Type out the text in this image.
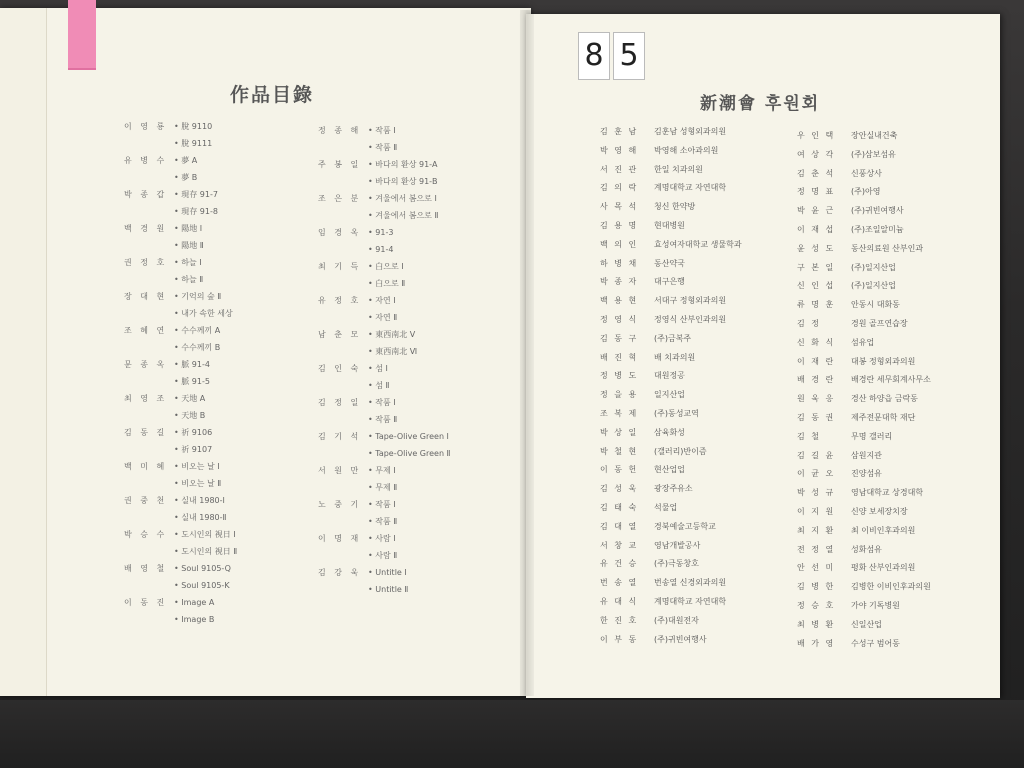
8 5
作品目錄	新潮會 후원회
이 영 룡	• 脫 9110
• 脫 9111
유 병 수	• 夢 A
• 夢 B
박 종 갑	• 現存 91-7
• 現存 91-8
백 경 원	• 陽地 Ⅰ
• 陽地 Ⅱ
권 정 호	• 하늘 Ⅰ
• 하늘 Ⅱ
장 대 현	• 기억의 숲 Ⅱ
• 내가 속한 세상
조 혜 연	• 수수께끼 A
• 수수께끼 B
문 종 옥	• 脈 91-4
• 脈 91-5
최 영 조	• 天地 A
• 天地 B
김 동 길	• 祈 9106
• 祈 9107
백 미 혜	• 비오는 날 Ⅰ
• 비오는 날 Ⅱ
권 중 천	• 실내 1980-Ⅰ
• 실내 1980-Ⅱ
박 승 수	• 도시인의 視日 Ⅰ
• 도시인의 視日 Ⅱ
배 영 철	• Soul 9105-Q
• Soul 9105-K
이 동 진	• Image A
• Image B
정 종 해	• 작품 Ⅰ
• 작품 Ⅱ
주 봉 일	• 바다의 환상 91-A
• 바다의 환상 91-B
조 은 분	• 겨울에서 봄으로 Ⅰ
• 겨울에서 봄으로 Ⅱ
임 경 옥	• 91-3
• 91-4
최 기 득	• 白으로 Ⅰ
• 白으로 Ⅱ
유 정 호	• 자연 Ⅰ
• 자연 Ⅱ
남 춘 모	• 東西南北 Ⅴ
• 東西南北 Ⅵ
김 인 숙	• 섬 Ⅰ
• 섬 Ⅱ
김 정 일	• 작품 Ⅰ
• 작품 Ⅱ
김 기 석	• Tape-Olive Green Ⅰ
• Tape-Olive Green Ⅱ
서 원 만	• 무제 Ⅰ
• 무제 Ⅱ
노 중 기	• 작품 Ⅰ
• 작품 Ⅱ
이 명 재	• 사람 Ⅰ
• 사람 Ⅱ
김 강 욱	• Untitle Ⅰ
• Untitle Ⅱ
김 훈 남	김훈남 성형외과의원
박 영 해	박영해 소아과의원
서 진 관	한일 치과의원
김 의 락	계명대학교 자연대학
사 목 석	청신 한약방
김 용 명	현대병원
백 의 인	효성여자대학교 생물학과
하 병 채	동산약국
박 종 자	대구은행
백 용 현	서대구 정형외과의원
정 영 식	정영식 산부인과의원
김 동 구	(주)금복주
배 진 혁	배 치과의원
정 병 도	대원정공
정 을 용	일지산업
조 복 제	(주)동성교역
박 상 일	삼육화성
박 철 현	(갤러리)반이즘
이 동 헌	현산업업
김 성 욱	광장주유소
김 태 숙	석물업
김 대 열	경북예술고등학교
서 창 교	영남개발공사
유 건 승	(주)극동창호
번 송 열	번송열 신경외과의원
유 대 식	계명대학교 자연대학
한 진 호	(주)대원전자
이 부 동	(주)귀빈여행사
우 인 택	장안실내건축
여 상 각	(주)삼보섬유
김 춘 석	신풍상사
정 명 표	(주)아영
박 윤 근	(주)귀빈여행사
이 재 섭	(주)조일알미늄
윤 성 도	동산의료원 산부인과
구 본 일	(주)일지산업
신 인 섭	(주)일지산업
류 명 훈	안동시 대화동
김 정	경원 골프연습장
신 화 식	섬유업
이 재 란	대봉 정형외과의원
배 경 란	배경란 세무회계사무소
원 욱 응	경산 하양읍 금락동
김 동 권	제주전문대학 재단
김 철	무명 갤러리
김 길 윤	삼원지관
이 균 오	진양섬유
박 성 규	영남대학교 상경대학
이 지 원	신양 보세장치장
최 지 환	최 이비인후과의원
전 정 열	성화섬유
안 선 미	평화 산부인과의원
김 병 한	김병한 이비인후과의원
정 승 호	가야 기독병원
최 병 환	신일산업
배 가 영	수성구 범어동
